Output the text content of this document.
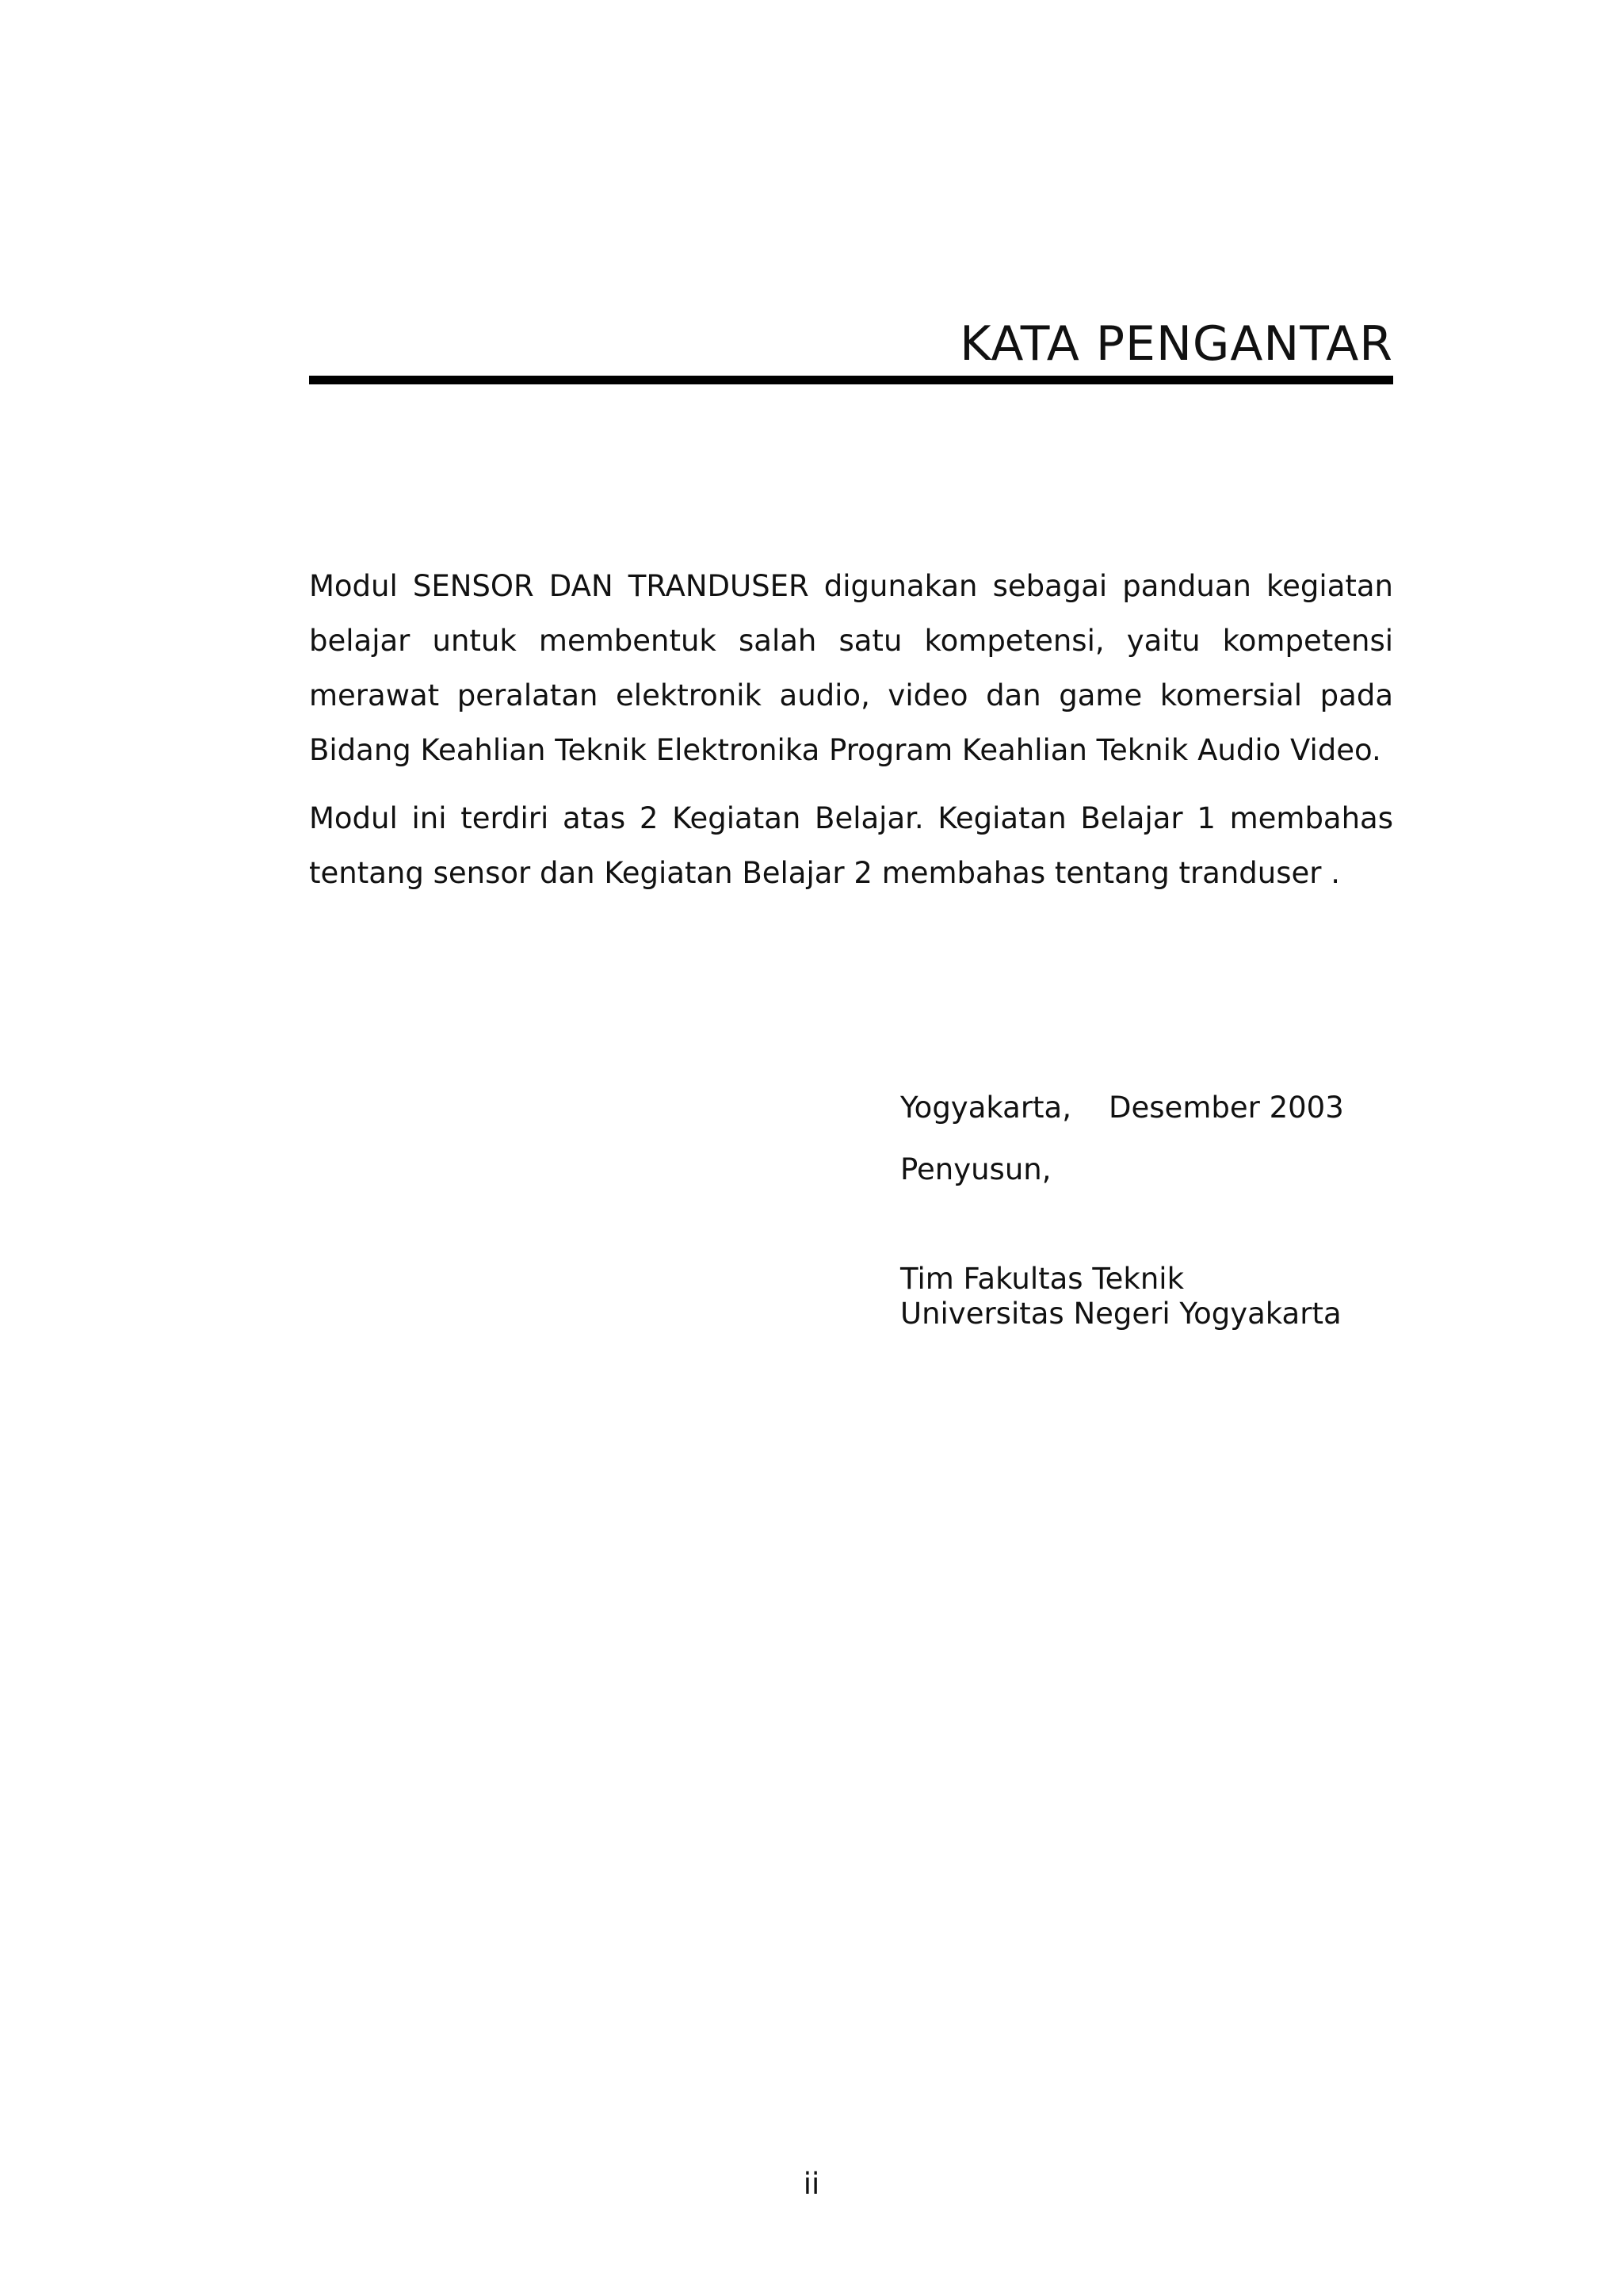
KATA PENGANTAR

Modul SENSOR DAN TRANDUSER digunakan sebagai panduan kegiatan belajar untuk membentuk salah satu kompetensi, yaitu kompetensi merawat peralatan elektronik audio, video dan game komersial pada Bidang Keahlian Teknik Elektronika Program Keahlian Teknik Audio Video.

Modul ini terdiri atas 2 Kegiatan Belajar. Kegiatan Belajar 1 membahas tentang sensor dan Kegiatan Belajar 2 membahas tentang tranduser .

Yogyakarta,    Desember 2003
Penyusun,
Tim Fakultas Teknik
Universitas Negeri Yogyakarta
ii
